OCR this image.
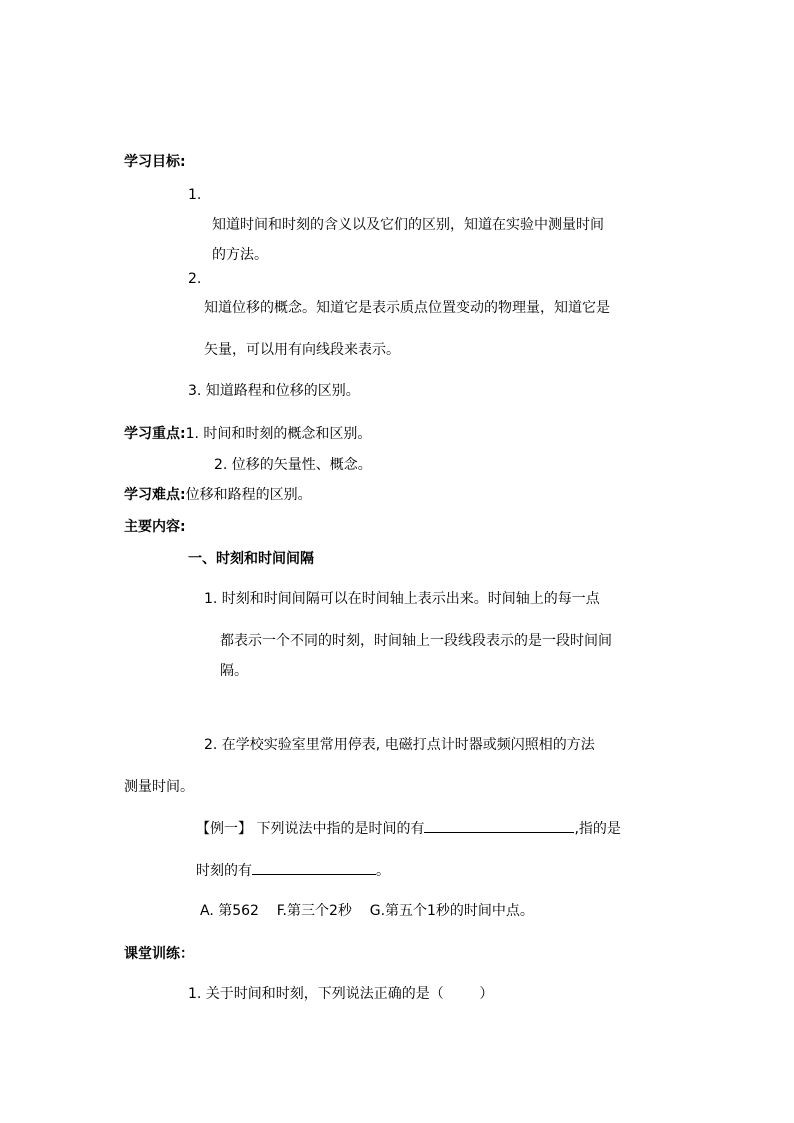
学习目标:
1.
知道时间和时刻的含义以及它们的区别，知道在实验中测量时间
的方法。
2.
知道位移的概念。知道它是表示质点位置变动的物理量，知道它是
矢量，可以用有向线段来表示。
3. 知道路程和位移的区别。
学习重点:1. 时间和时刻的概念和区别。
2. 位移的矢量性、概念。
学习难点:位移和路程的区别。
主要内容:
一、时刻和时间间隔
1. 时刻和时间间隔可以在时间轴上表示出来。时间轴上的每一点
都表示一个不同的时刻，时间轴上一段线段表示的是一段时间间
隔。
2. 在学校实验室里常用停表, 电磁打点计时器或频闪照相的方法
测量时间。
【例一】 下列说法中指的是时间的有	,指的是
时刻的有	。
A. 第562    F.第三个2秒    G.第五个1秒的时间中点。
课堂训练：
1. 关于时间和时刻，下列说法正确的是（        ）
